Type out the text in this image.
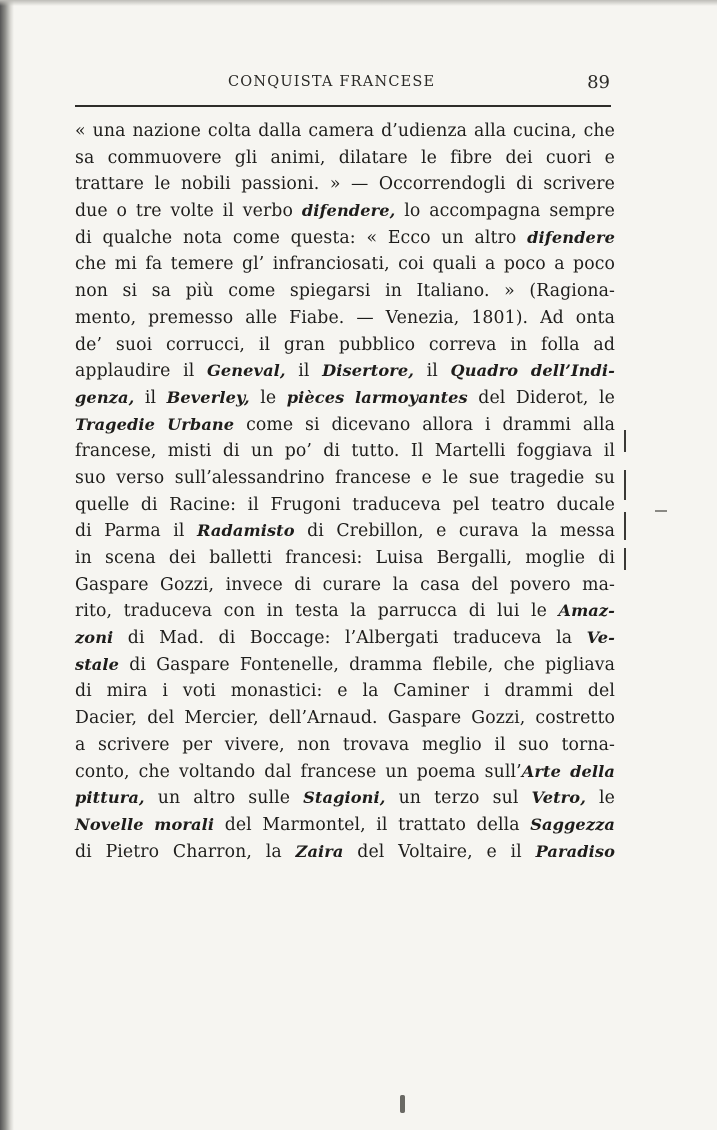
CONQUISTA FRANCESE	89
« una nazione colta dalla camera d’udienza alla cucina, che
sa commuovere gli animi, dilatare le fibre dei cuori e
trattare le nobili passioni. » — Occorrendogli di scrivere
due o tre volte il verbo difendere, lo accompagna sempre
di qualche nota come questa: « Ecco un altro difendere
che mi fa temere gl’ infranciosati, coi quali a poco a poco
non si sa più come spiegarsi in Italiano. » (Ragiona-
mento, premesso alle Fiabe. — Venezia, 1801). Ad onta
de’ suoi corrucci, il gran pubblico correva in folla ad
applaudire il Geneval, il Disertore, il Quadro dell’Indi-
genza, il Beverley, le pièces larmoyantes del Diderot, le
Tragedie Urbane come si dicevano allora i drammi alla
francese, misti di un po’ di tutto. Il Martelli foggiava il
suo verso sull’alessandrino francese e le sue tragedie su
quelle di Racine: il Frugoni traduceva pel teatro ducale
di Parma il Radamisto di Crebillon, e curava la messa
in scena dei balletti francesi: Luisa Bergalli, moglie di
Gaspare Gozzi, invece di curare la casa del povero ma-
rito, traduceva con in testa la parrucca di lui le Amaz-
zoni di Mad. di Boccage: l’Albergati traduceva la Ve-
stale di Gaspare Fontenelle, dramma flebile, che pigliava
di mira i voti monastici: e la Caminer i drammi del
Dacier, del Mercier, dell’Arnaud. Gaspare Gozzi, costretto
a scrivere per vivere, non trovava meglio il suo torna-
conto, che voltando dal francese un poema sull’Arte della
pittura, un altro sulle Stagioni, un terzo sul Vetro, le
Novelle morali del Marmontel, il trattato della Saggezza
di Pietro Charron, la Zaira del Voltaire, e il Paradiso
